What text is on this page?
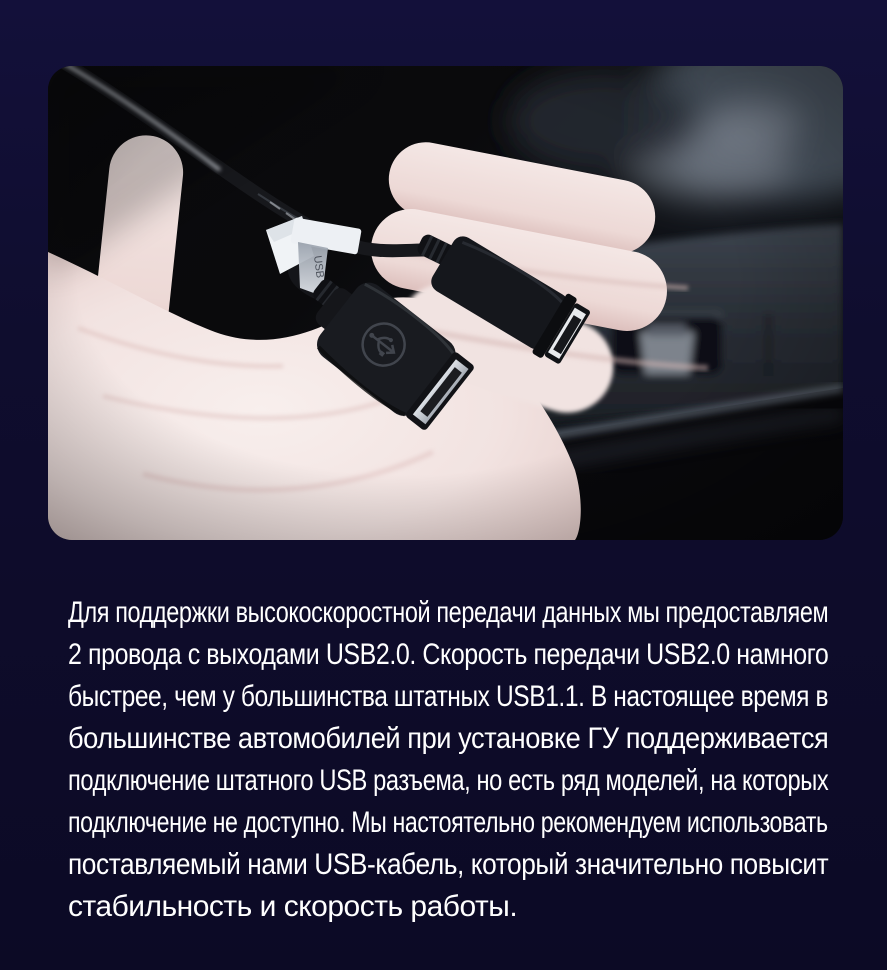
Для поддержки высокоскоростной передачи данных мы предоставляем
2 провода с выходами USB2.0. Скорость передачи USB2.0 намного
быстрее, чем у большинства штатных USB1.1. В настоящее время в
большинстве автомобилей при установке ГУ поддерживается
подключение штатного USB разъема, но есть ряд моделей, на которых
подключение не доступно. Мы настоятельно рекомендуем использовать
поставляемый нами USB-кабель, который значительно повысит
стабильность и скорость работы.
